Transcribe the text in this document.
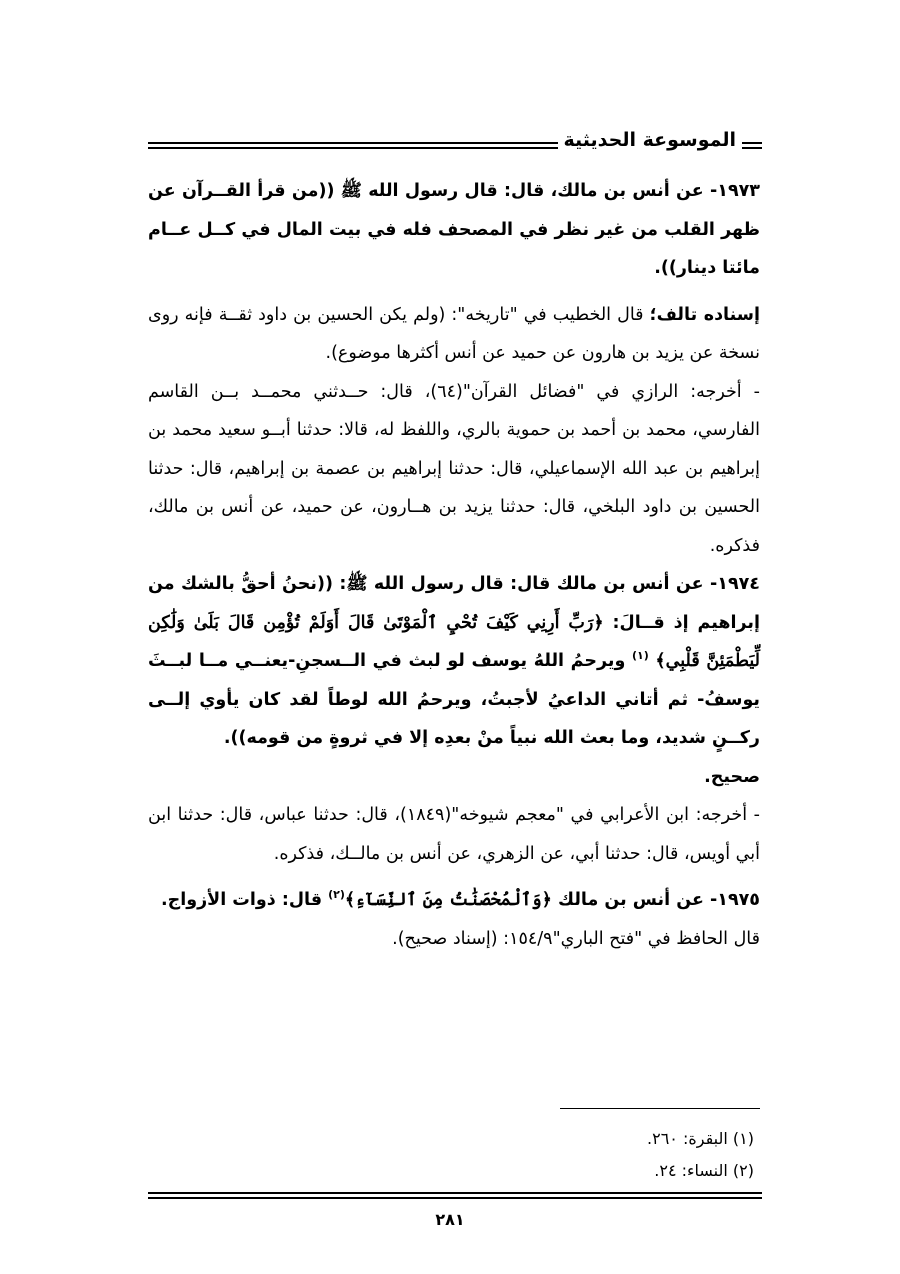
الموسوعة الحديثية

١٩٧٣- عن أنس بن مالك، قال: قال رسول الله ﷺ ((من قرأ القــرآن عن ظهر القلب من غير نظر في المصحف فله في بيت المال في كــل عــام مائتا دينار)).

إسناده تالف؛ قال الخطيب في "تاريخه": (ولم يكن الحسين بن داود ثقــة فإنه روى نسخة عن يزيد بن هارون عن حميد عن أنس أكثرها موضوع).

- أخرجه: الرازي في "فضائل القرآن"(٦٤)، قال: حــدثني محمــد بــن القاسم الفارسي، محمد بن أحمد بن حموية بالري، واللفظ له، قالا: حدثنا أبــو سعيد محمد بن إبراهيم بن عبد الله الإسماعيلي، قال: حدثنا إبراهيم بن عصمة بن إبراهيم، قال: حدثنا الحسين بن داود البلخي، قال: حدثنا يزيد بن هــارون، عن حميد، عن أنس بن مالك، فذكره.

١٩٧٤- عن أنس بن مالك قال: قال رسول الله ﷺ: ((نحنُ أحقُّ بالشك من إبراهيم إذ قــالَ: ﴿رَبِّ أَرِنِي كَيْفَ تُحْيِ ٱلْمَوْتَىٰ قَالَ أَوَلَمْ تُؤْمِن قَالَ بَلَىٰ وَلَٰكِن لِّيَطْمَئِنَّ قَلْبِي﴾ $^{(١)}$ ويرحمُ اللهُ يوسف لو لبث في الــسجنِ-يعنــي مــا لبــثَ يوسفُ- ثم أتاني الداعيُ لأجبتُ، ويرحمُ الله لوطاً لقد كان يأوي إلــى ركــنٍ شديد، وما بعث الله نبياً منْ بعدِه إلا في ثروةٍ من قومه)).

صحيح.

- أخرجه: ابن الأعرابي في "معجم شيوخه"(١٨٤٩)، قال: حدثنا عباس، قال: حدثنا ابن أبي أويس، قال: حدثنا أبي، عن الزهري، عن أنس بن مالــك، فذكره.

١٩٧٥- عن أنس بن مالك ﴿وَٱلْمُحْصَنَٰتُ مِنَ ٱلنِّسَآءِ﴾$^{(٢)}$ قال: ذوات الأزواج.

قال الحافظ في "فتح الباري"١٥٤/٩: (إسناد صحيح).

(١) البقرة: ٢٦٠.
(٢) النساء: ٢٤.
٢٨١
